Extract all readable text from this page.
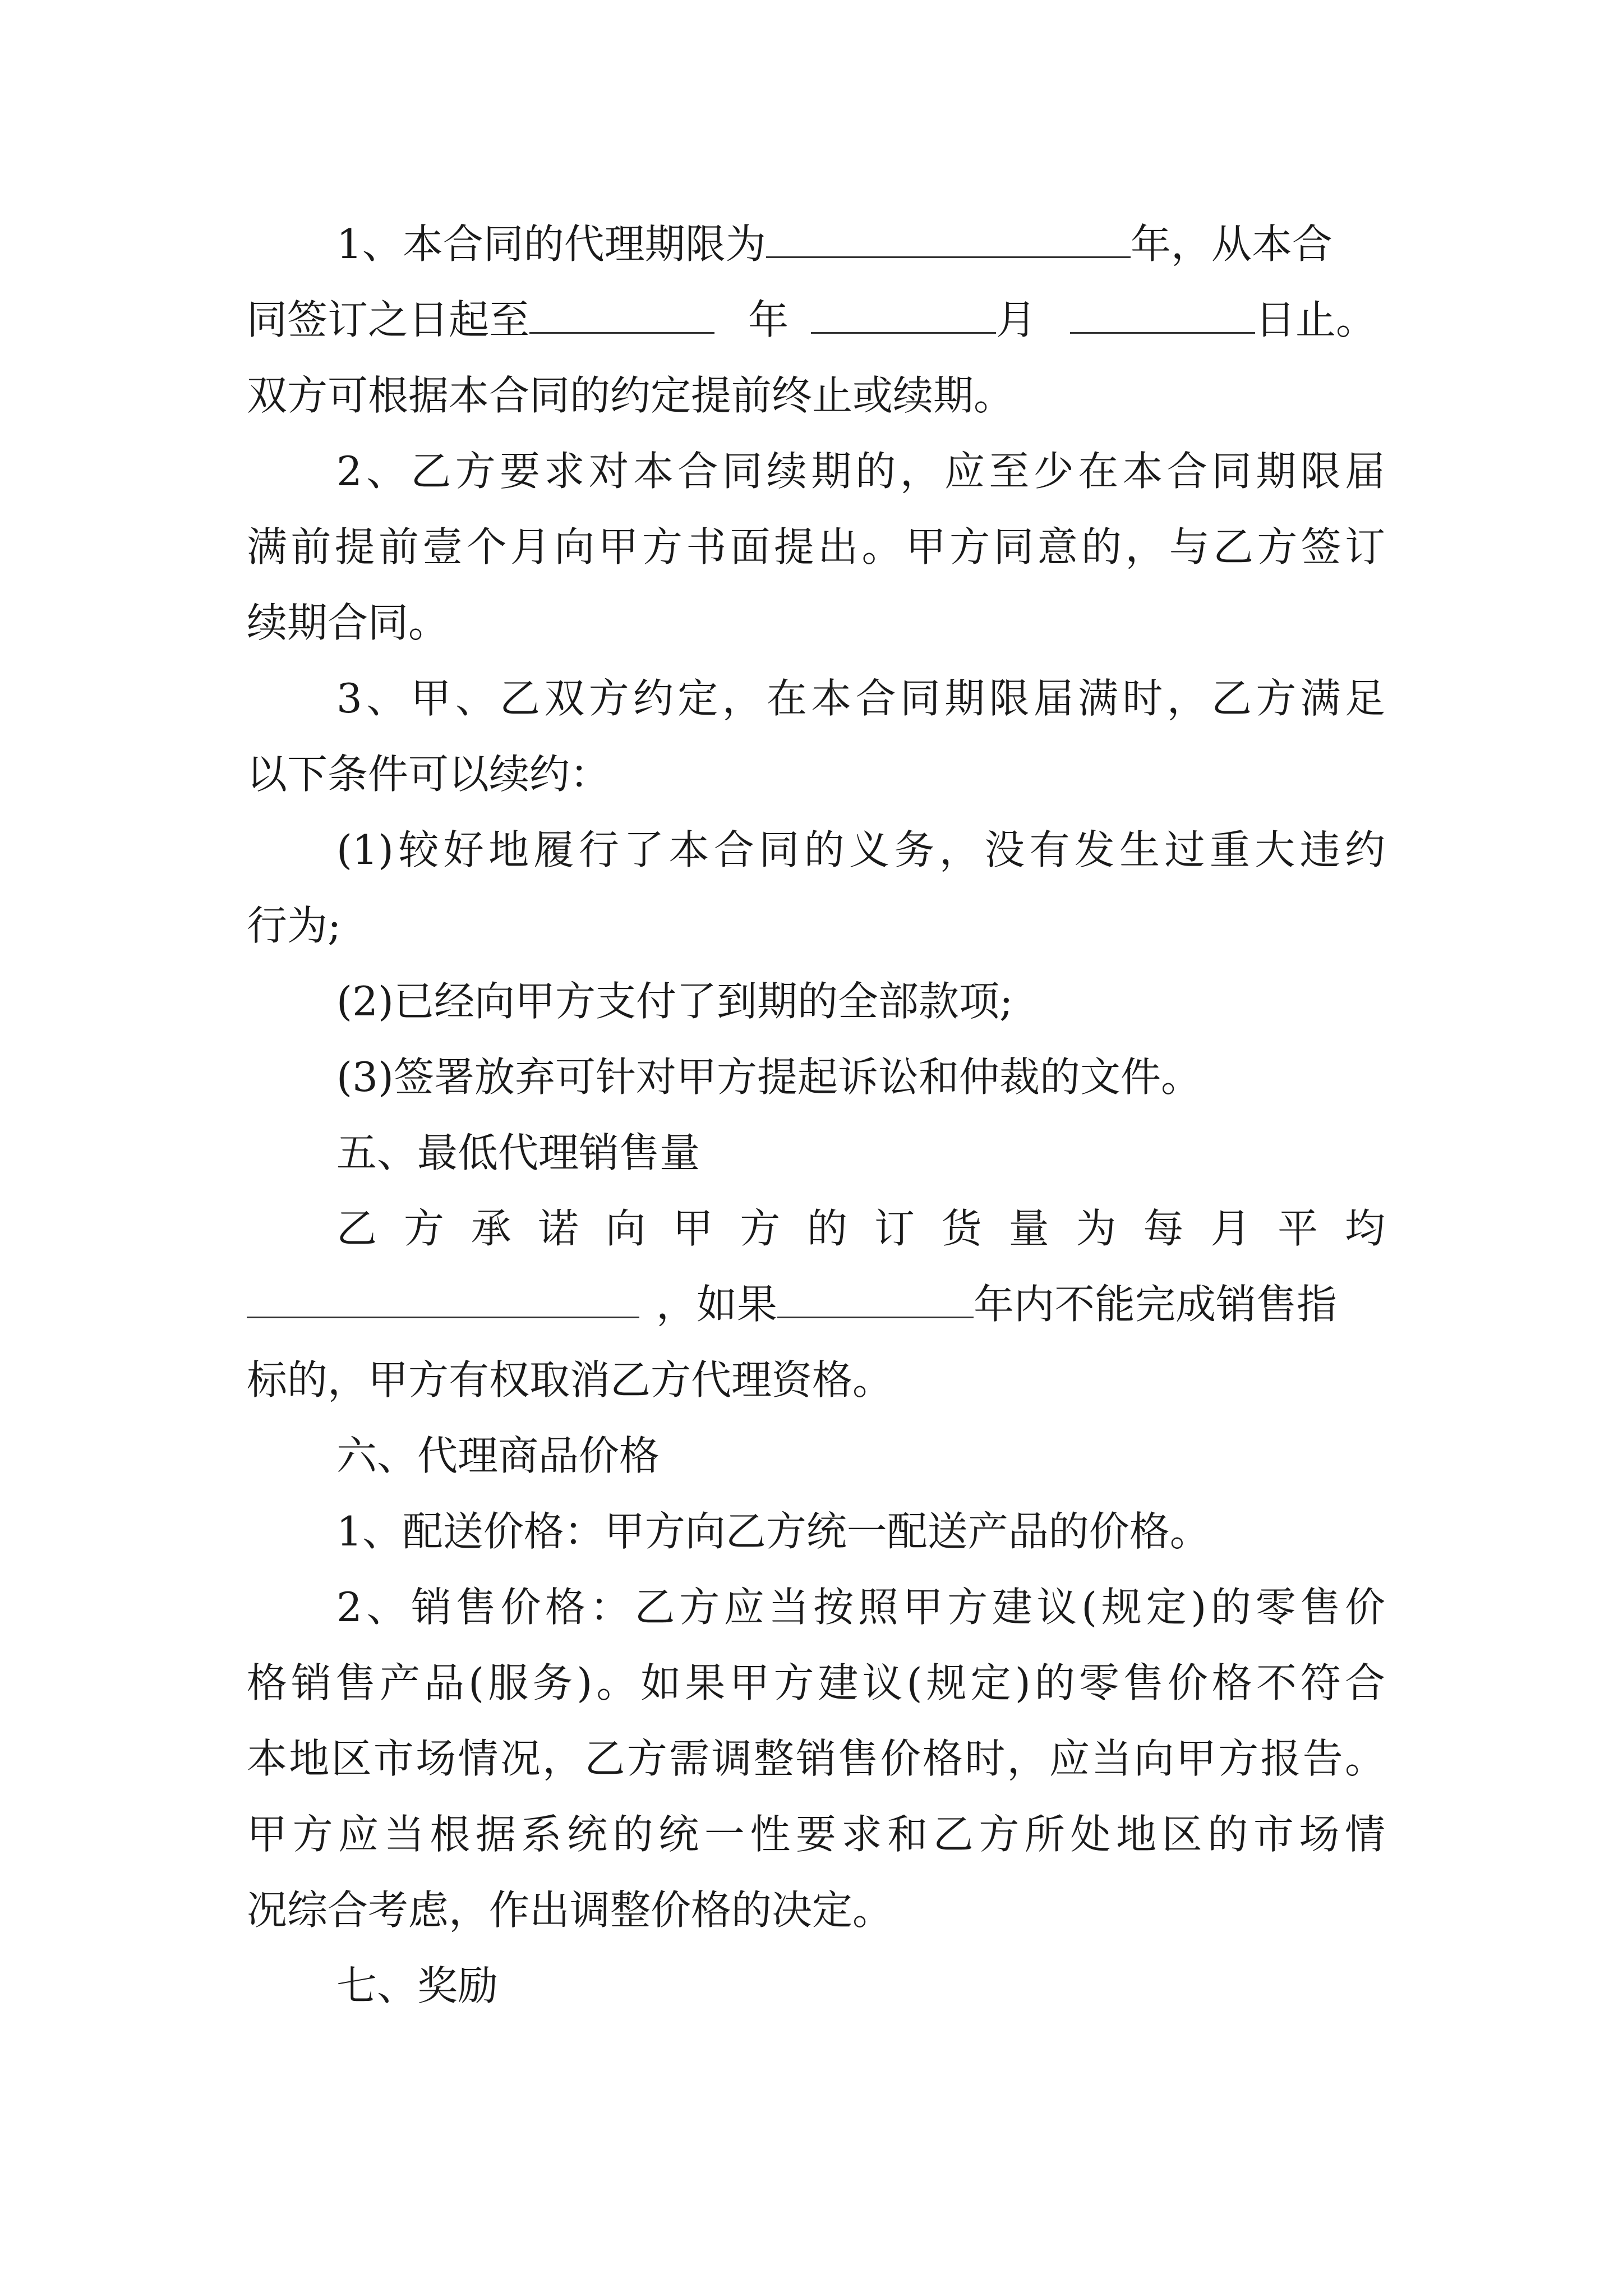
1、本合同的代理期限为	年，从本合
同签订之日起至	年	月	日止。
双方可根据本合同的约定提前终止或续期。
2、乙方要求对本合同续期的，应至少在本合同期限届
满前提前壹个月向甲方书面提出。甲方同意的，与乙方签订
续期合同。
3、甲、乙双方约定，在本合同期限届满时，乙方满足
以下条件可以续约：
(1)较好地履行了本合同的义务，没有发生过重大违约
行为;
(2)已经向甲方支付了到期的全部款项;
(3)签署放弃可针对甲方提起诉讼和仲裁的文件。
五、最低代理销售量
乙方承诺向甲方的订货量为每月平均
，如果	年内不能完成销售指
标的，甲方有权取消乙方代理资格。
六、代理商品价格
1、配送价格：甲方向乙方统一配送产品的价格。
2、销售价格：乙方应当按照甲方建议(规定)的零售价
格销售产品(服务)。如果甲方建议(规定)的零售价格不符合
本地区市场情况，乙方需调整销售价格时，应当向甲方报告。
甲方应当根据系统的统一性要求和乙方所处地区的市场情
况综合考虑，作出调整价格的决定。
七、奖励
